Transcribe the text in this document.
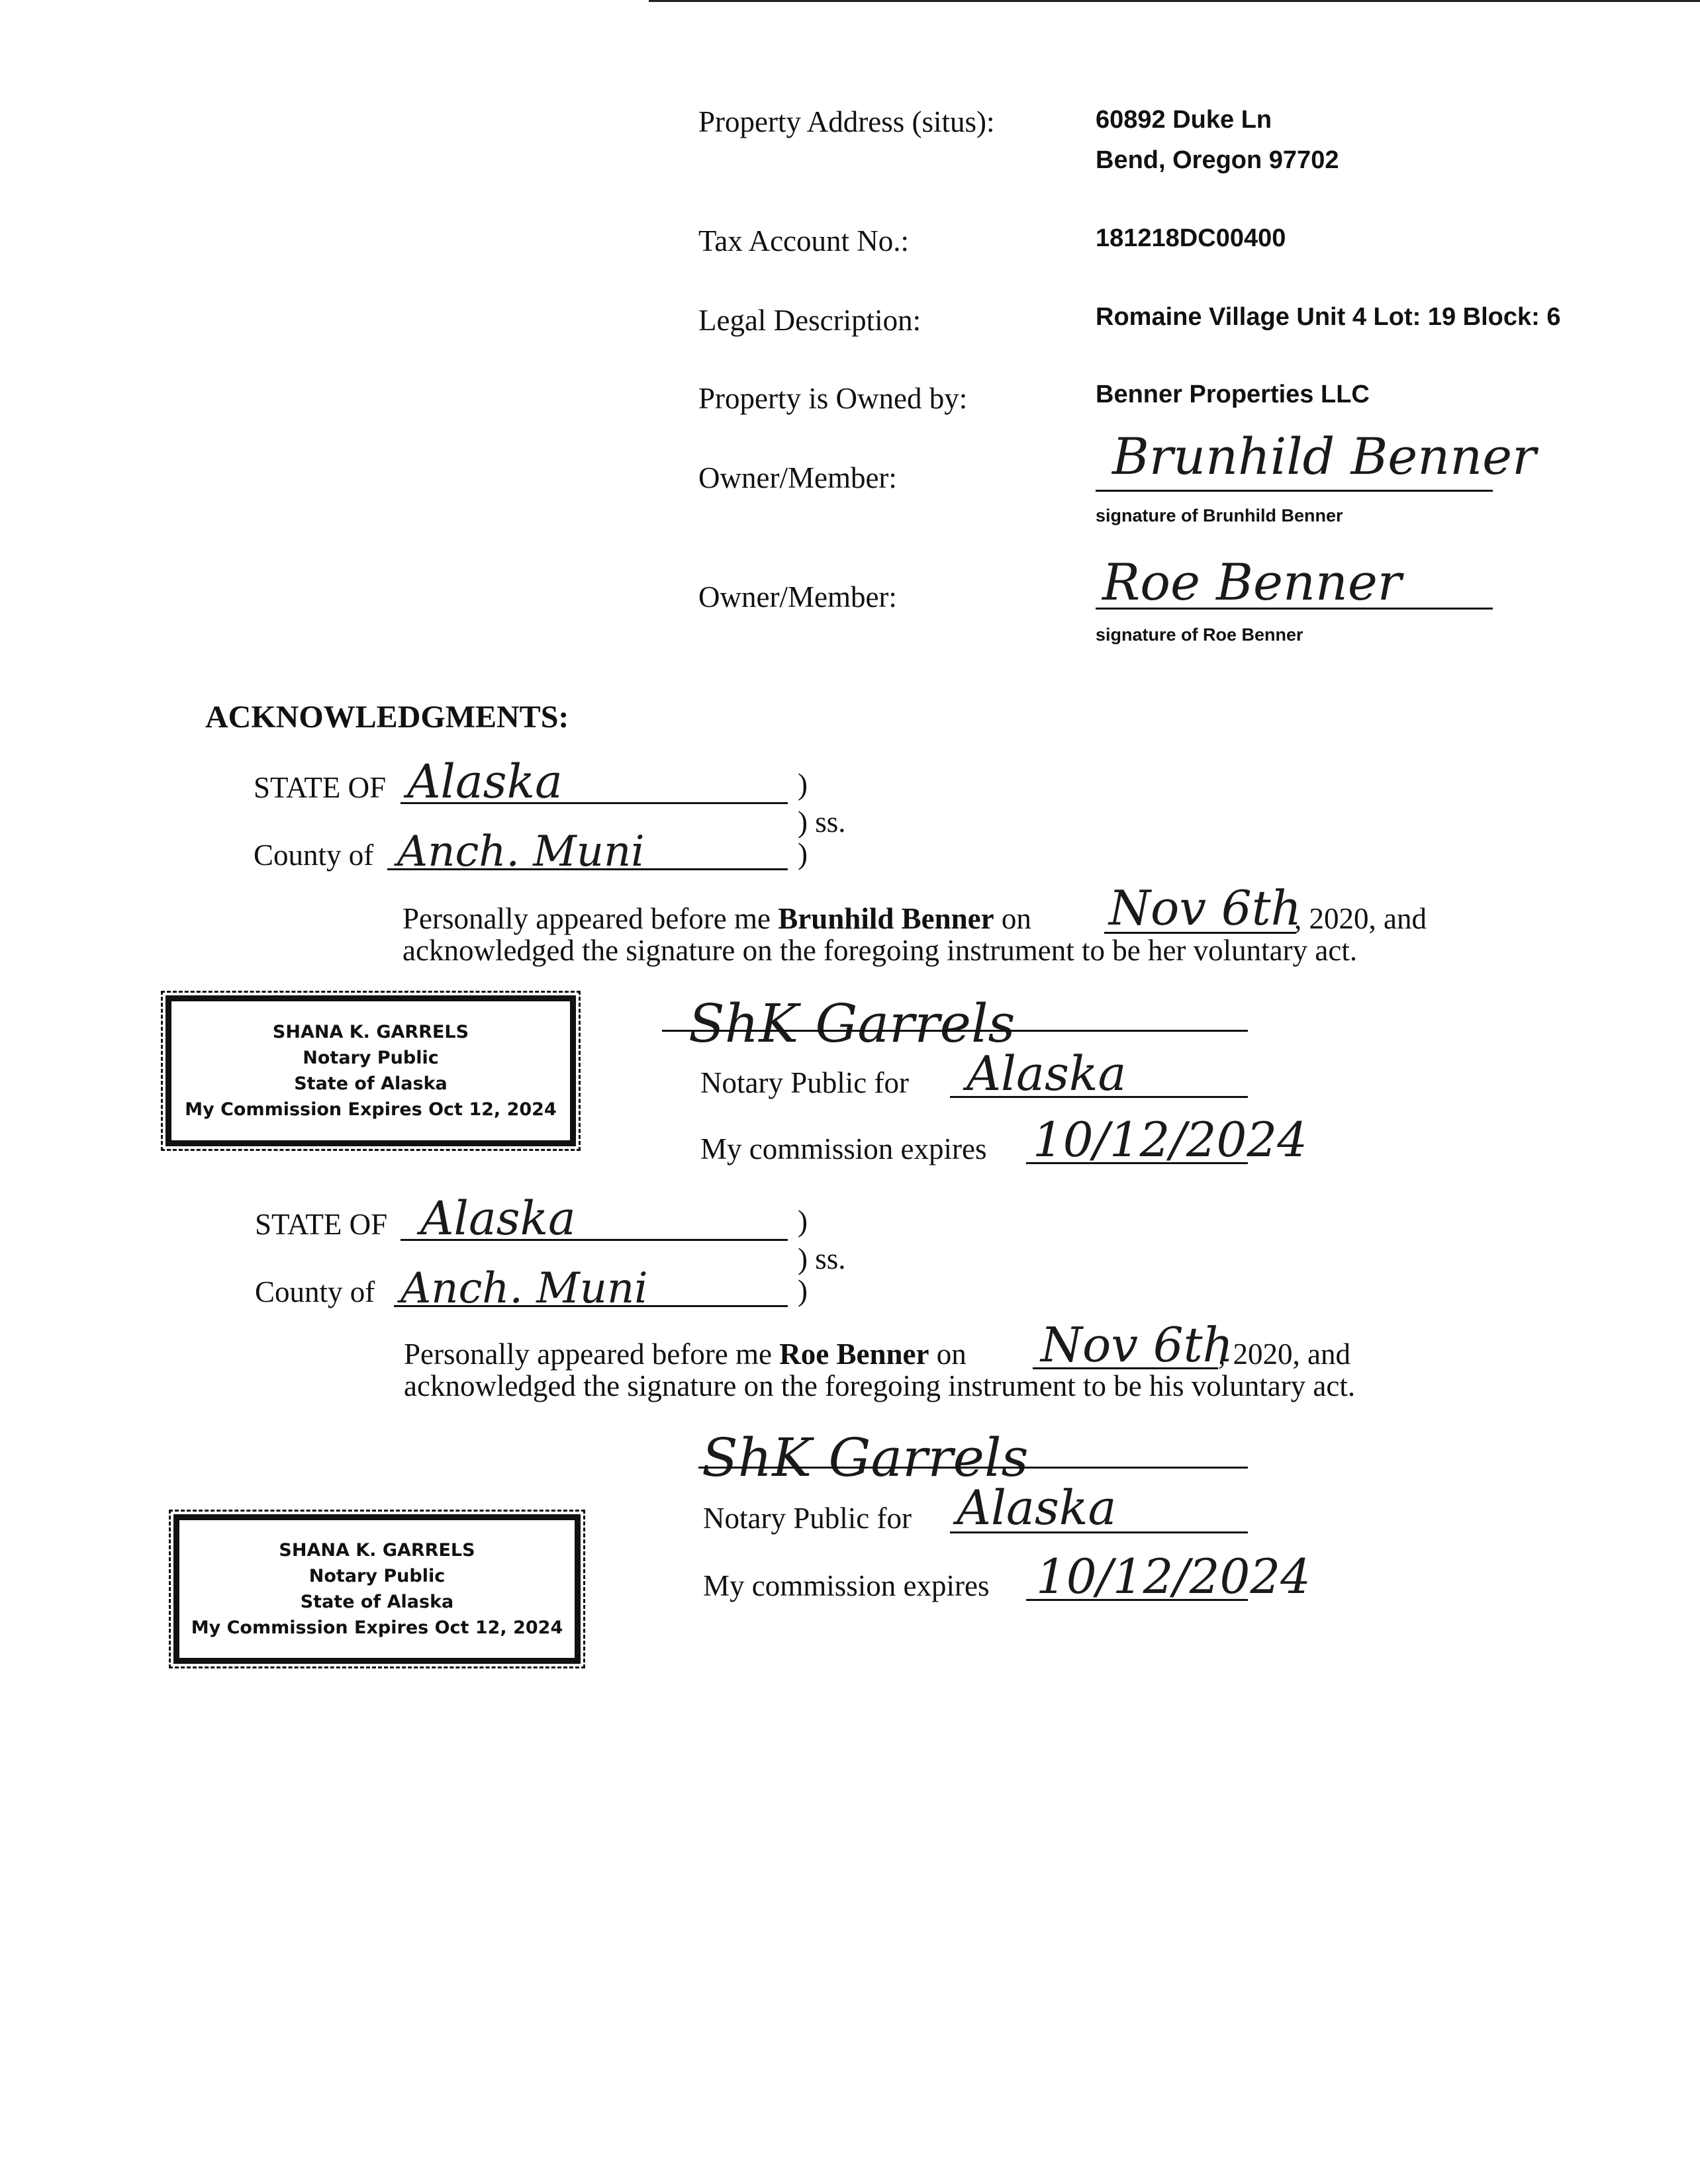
Property Address (situs):	60892 Duke Ln
Bend, Oregon 97702
Tax Account No.:	181218DC00400
Legal Description:	Romaine Village Unit 4 Lot: 19 Block: 6
Property is Owned by:	Benner Properties LLC
Owner/Member:	Brunhild Benner
signature of Brunhild Benner
Owner/Member:	Roe Benner
signature of Roe Benner
ACKNOWLEDGMENTS:
STATE OF Alaska	)
) ss.
County of Anch. Muni	)
Personally appeared before me Brunhild Benner on Nov 6th
, 2020, and
acknowledged the signature on the foregoing instrument to be her voluntary act.
SHANA K. GARRELS
Notary Public
State of Alaska
My Commission Expires Oct 12, 2024
ShK Garrels
Notary Public for Alaska
My commission expires 10/12/2024
STATE OF Alaska	)
) ss.
County of Anch. Muni	)
Personally appeared before me Roe Benner on Nov 6th
, 2020, and
acknowledged the signature on the foregoing instrument to be his voluntary act.
SHANA K. GARRELS
Notary Public
State of Alaska
My Commission Expires Oct 12, 2024
ShK Garrels
Notary Public for Alaska
My commission expires 10/12/2024
